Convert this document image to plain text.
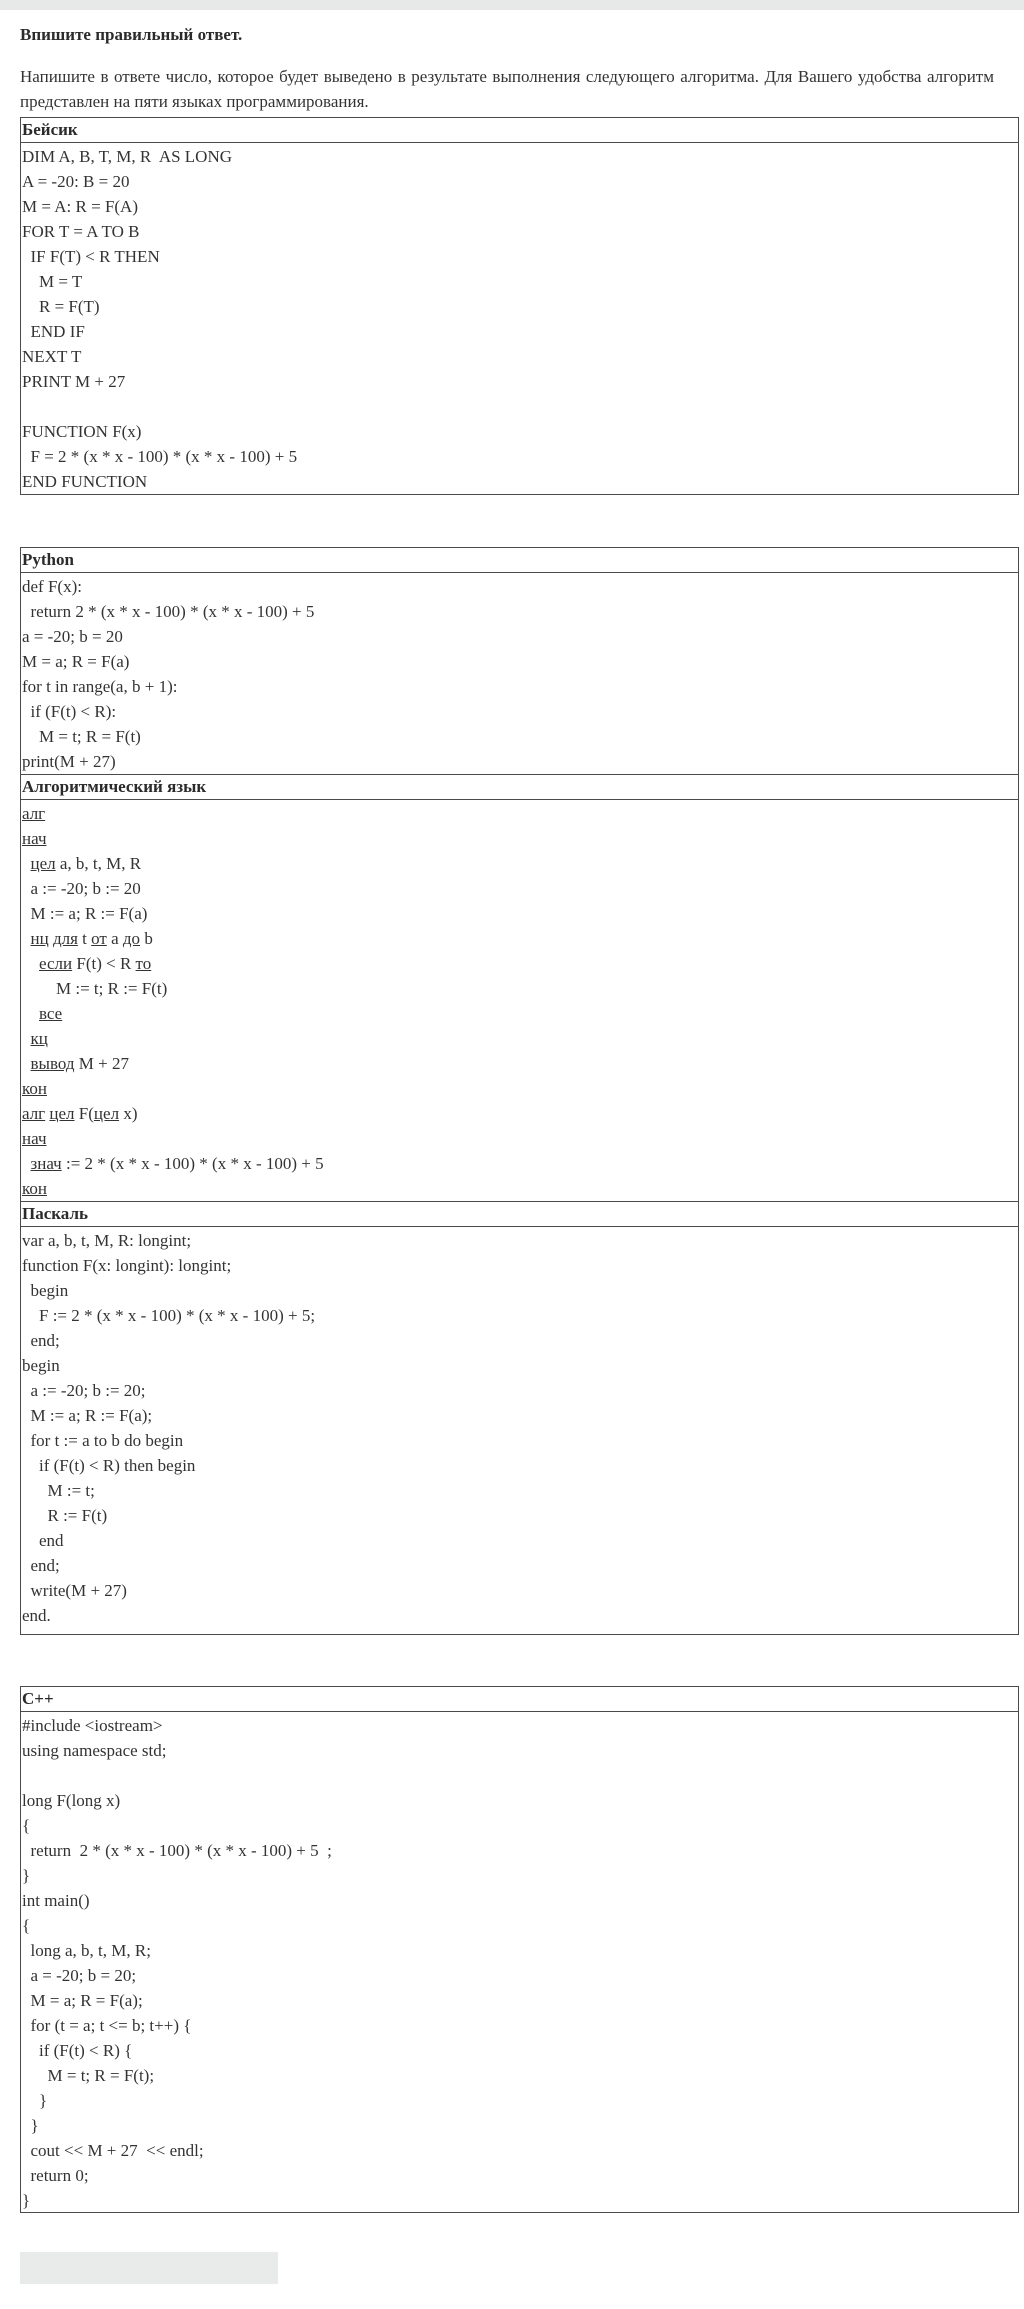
Впишите правильный ответ.
Напишите в ответе число, которое будет выведено в результате выполнения следующего алгоритма. Для Вашего удобства алгоритм представлен на пяти языках программирования.
Бейсик
DIM A, B, T, M, R  AS LONG
A = -20: B = 20
M = A: R = F(A)
FOR T = A TO B
IF F(T) < R THEN
M = T
R = F(T)
END IF
NEXT T
PRINT M + 27
FUNCTION F(x)
F = 2 * (x * x - 100) * (x * x - 100) + 5
END FUNCTION
Python
def F(x):
return 2 * (x * x - 100) * (x * x - 100) + 5
a = -20; b = 20
M = a; R = F(a)
for t in range(a, b + 1):
if (F(t) < R):
M = t; R = F(t)
print(M + 27)
Алгоритмический язык
алг
нач
цел a, b, t, M, R
a := -20; b := 20
M := a; R := F(a)
нц для t от a до b
если F(t) < R то
M := t; R := F(t)
все
кц
вывод M + 27
кон
алг цел F(цел x)
нач
знач := 2 * (x * x - 100) * (x * x - 100) + 5
кон
Паскаль
var a, b, t, M, R: longint;
function F(x: longint): longint;
begin
F := 2 * (x * x - 100) * (x * x - 100) + 5;
end;
begin
a := -20; b := 20;
M := a; R := F(a);
for t := a to b do begin
if (F(t) < R) then begin
M := t;
R := F(t)
end
end;
write(M + 27)
end.
C++
#include <iostream>
using namespace std;
long F(long x)
{
return  2 * (x * x - 100) * (x * x - 100) + 5  ;
}
int main()
{
long a, b, t, M, R;
a = -20; b = 20;
M = a; R = F(a);
for (t = a; t <= b; t++) {
if (F(t) < R) {
M = t; R = F(t);
}
}
cout << M + 27  << endl;
return 0;
}
